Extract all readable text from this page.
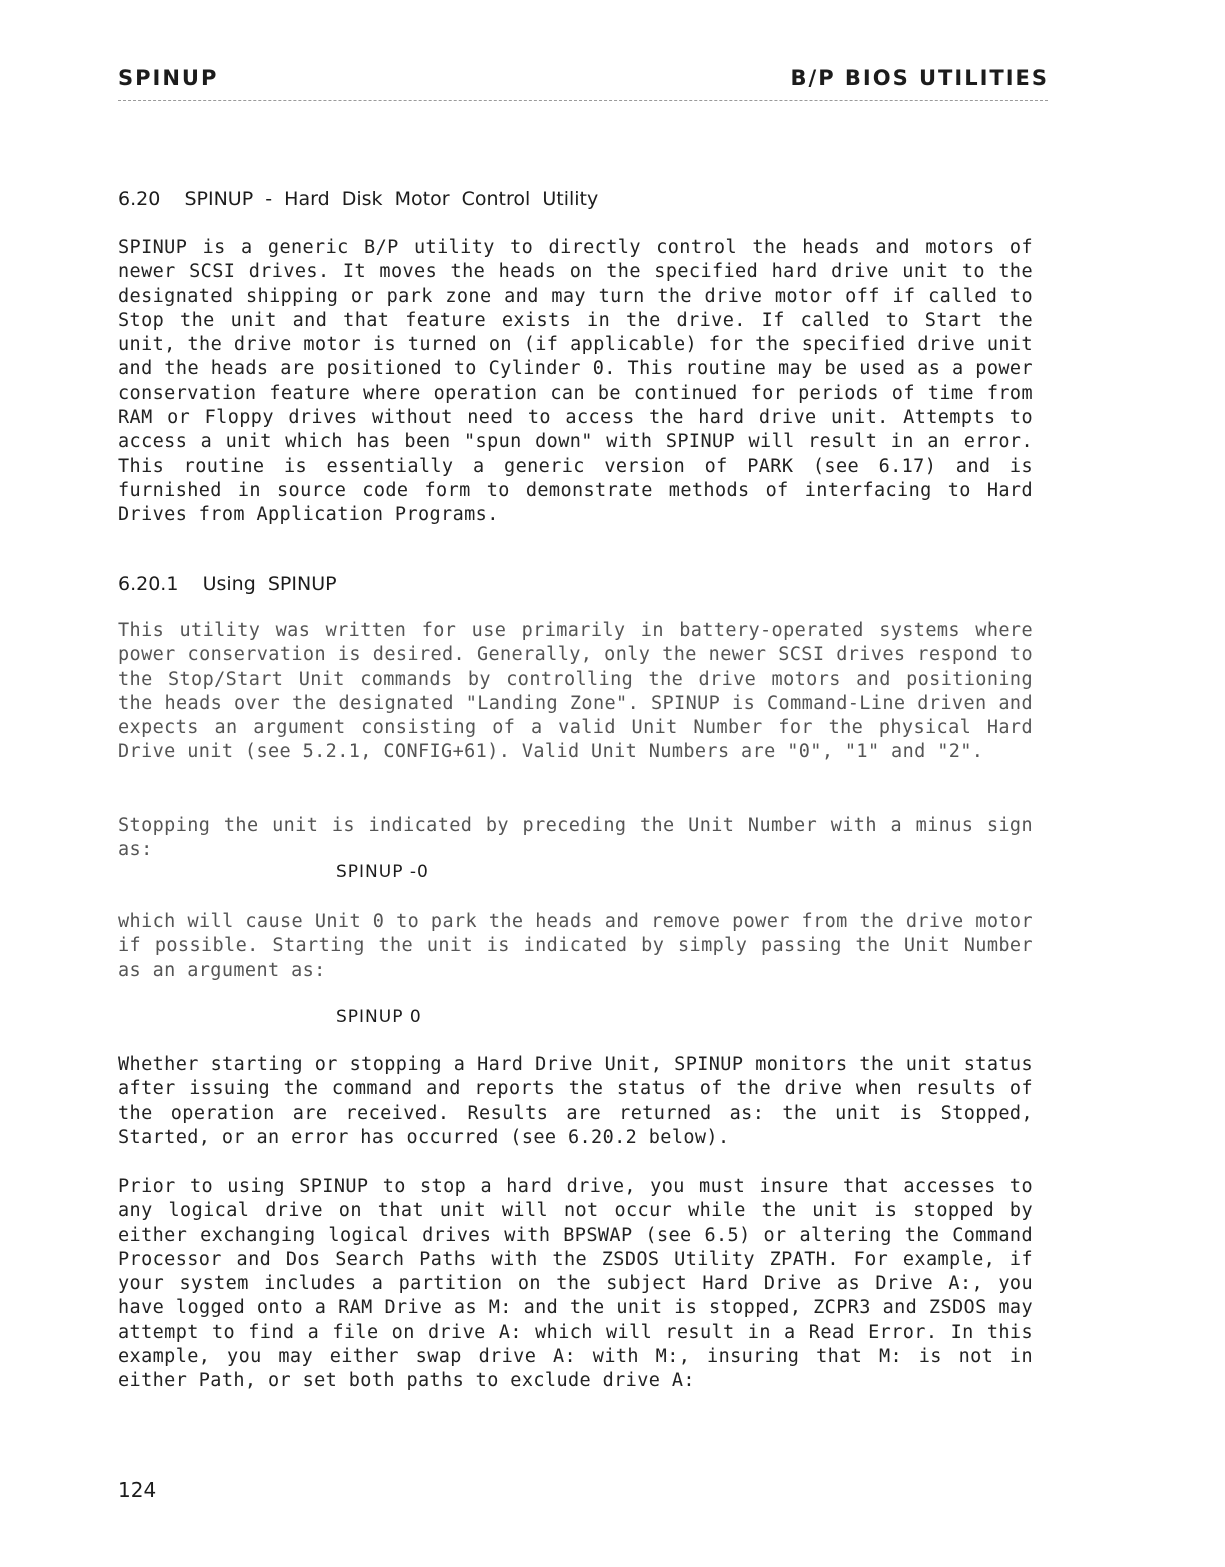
SPINUP	B/P BIOS UTILITIES
6.20    SPINUP  -  Hard  Disk  Motor  Control  Utility

SPINUP is a generic B/P utility to directly control the heads and motors of newer SCSI drives. It moves the heads on the specified hard drive unit to the designated shipping or park zone and may turn the drive motor off if called to Stop the unit and that feature exists in the drive. If called to Start the unit, the drive motor is turned on (if applicable) for the specified drive unit and the heads are positioned to Cylinder 0. This routine may be used as a power conservation feature where operation can be continued for periods of time from RAM or Floppy drives without need to access the hard drive unit. Attempts to access a unit which has been "spun down" with SPINUP will result in an error. This routine is essentially a generic version of PARK (see 6.17) and is furnished in source code form to demonstrate methods of interfacing to Hard Drives from Application Programs.

6.20.1    Using  SPINUP

This utility was written for use primarily in battery-operated systems where power conservation is desired. Generally, only the newer SCSI drives respond to the Stop/Start Unit commands by controlling the drive motors and positioning the heads over the designated "Landing Zone". SPINUP is Command-Line driven and expects an argument consisting of a valid Unit Number for the physical Hard Drive unit (see 5.2.1, CONFIG+61). Valid Unit Numbers are "0", "1" and "2".

Stopping the unit is indicated by preceding the Unit Number with a minus sign as:

SPINUP -0

which will cause Unit 0 to park the heads and remove power from the drive motor if possible. Starting the unit is indicated by simply passing the Unit Number as an argument as:

SPINUP 0

Whether starting or stopping a Hard Drive Unit, SPINUP monitors the unit status after issuing the command and reports the status of the drive when results of the operation are received. Results are returned as: the unit is Stopped, Started, or an error has occurred (see 6.20.2 below).

Prior to using SPINUP to stop a hard drive, you must insure that accesses to any logical drive on that unit will not occur while the unit is stopped by either exchanging logical drives with BPSWAP (see 6.5) or altering the Command Processor and Dos Search Paths with the ZSDOS Utility ZPATH. For example, if your system includes a partition on the subject Hard Drive as Drive A:, you have logged onto a RAM Drive as M: and the unit is stopped, ZCPR3 and ZSDOS may attempt to find a file on drive A: which will result in a Read Error. In this example, you may either swap drive A: with M:, insuring that M: is not in either Path, or set both paths to exclude drive A:

124
